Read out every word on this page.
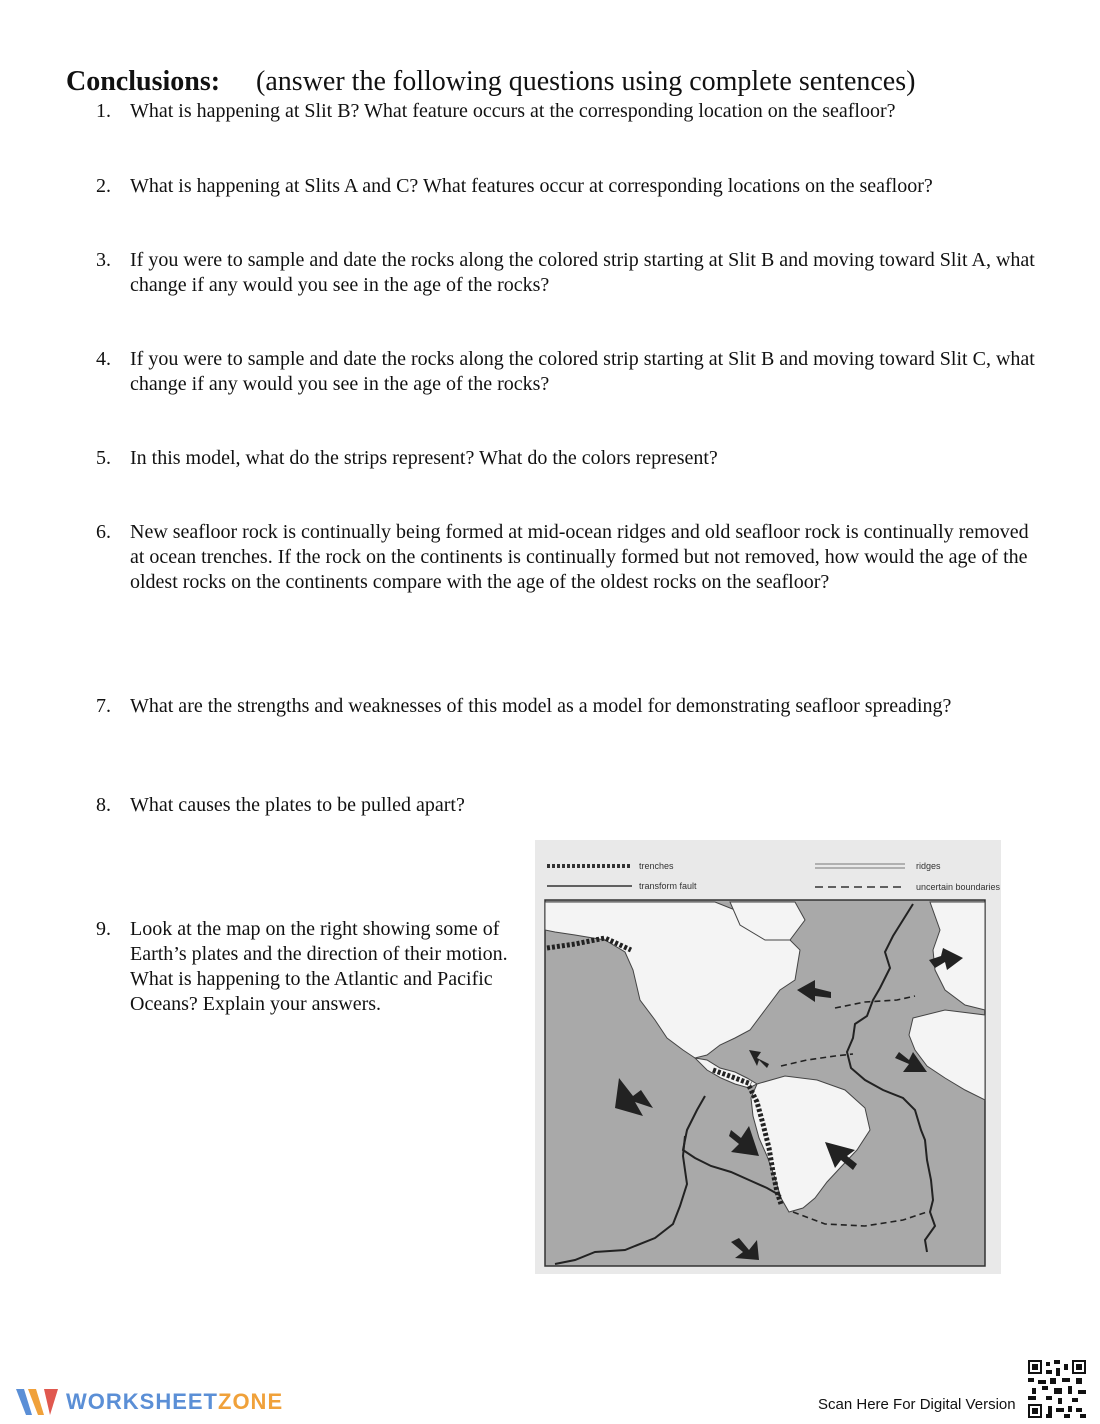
Conclusions: (answer the following questions using complete sentences)
1. What is happening at Slit B? What feature occurs at the corresponding location on the seafloor?
2. What is happening at Slits A and C? What features occur at corresponding locations on the seafloor?
3. If you were to sample and date the rocks along the colored strip starting at Slit B and moving toward Slit A, what change if any would you see in the age of the rocks?
4. If you were to sample and date the rocks along the colored strip starting at Slit B and moving toward Slit C, what change if any would you see in the age of the rocks?
5. In this model, what do the strips represent? What do the colors represent?
6. New seafloor rock is continually being formed at mid-ocean ridges and old seafloor rock is continually removed at ocean trenches. If the rock on the continents is continually formed but not removed, how would the age of the oldest rocks on the continents compare with the age of the oldest rocks on the seafloor?
7. What are the strengths and weaknesses of this model as a model for demonstrating seafloor spreading?
8. What causes the plates to be pulled apart?
9. Look at the map on the right showing some of Earth’s plates and the direction of their motion. What is happening to the Atlantic and Pacific Oceans? Explain your answers.
trenches
transform fault
ridges
uncertain boundaries
WORKSHEETZONE	Scan Here For Digital Version
